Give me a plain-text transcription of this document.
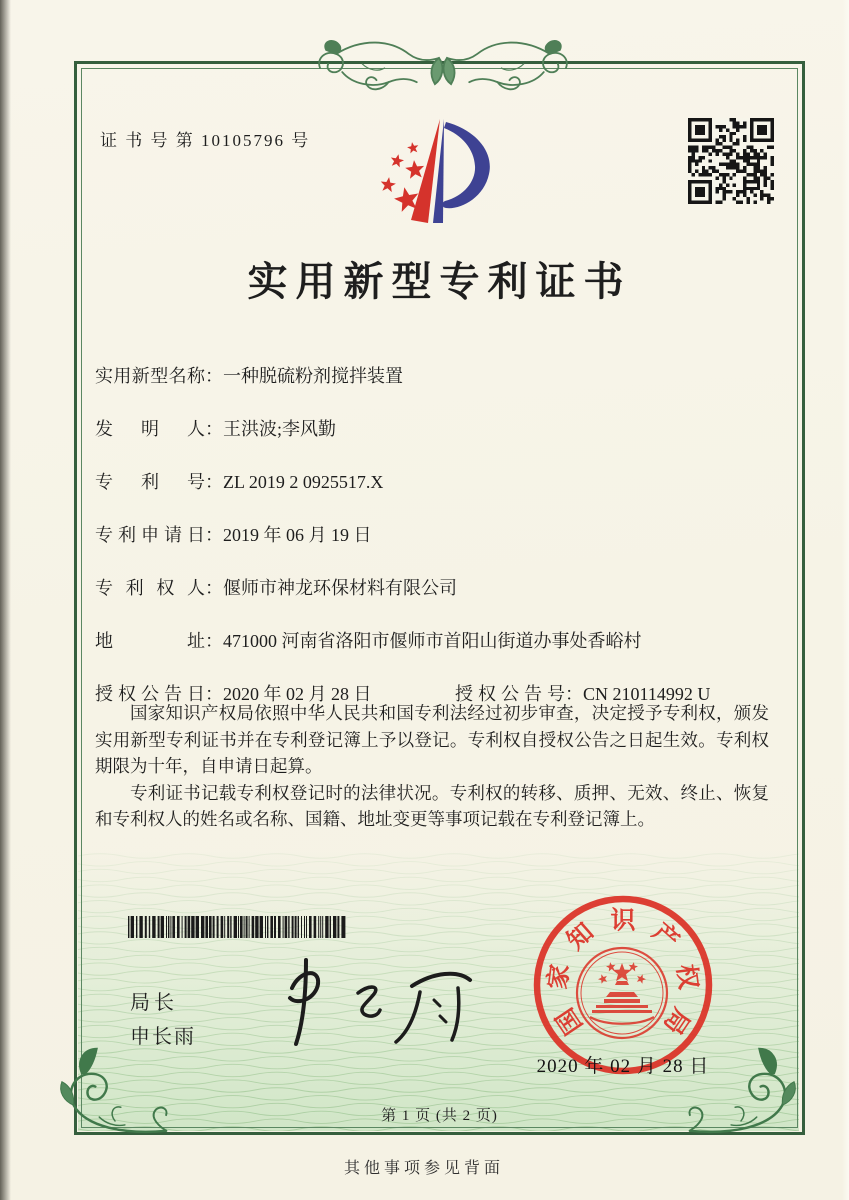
证 书 号 第 10105796 号
实用新型专利证书
实用新型名称：一种脱硫粉剂搅拌装置
发明人：王洪波;李风勤
专利号：ZL 2019 2 0925517.X
专利申请日：2019 年 06 月 19 日
专利权人：偃师市神龙环保材料有限公司
地址：471000 河南省洛阳市偃师市首阳山街道办事处香峪村
授权公告日：2020 年 02 月 28 日	授权公告号：CN 210114992 U

国家知识产权局依照中华人民共和国专利法经过初步审查，决定授予专利权，颁发实用新型专利证书并在专利登记簿上予以登记。专利权自授权公告之日起生效。专利权期限为十年，自申请日起算。

专利证书记载专利权登记时的法律状况。专利权的转移、质押、无效、终止、恢复和专利权人的姓名或名称、国籍、地址变更等事项记载在专利登记簿上。

局长
申长雨	国
家
知 识 产
权
局
2020 年 02 月 28 日
第 1 页 (共 2 页)
其他事项参见背面
